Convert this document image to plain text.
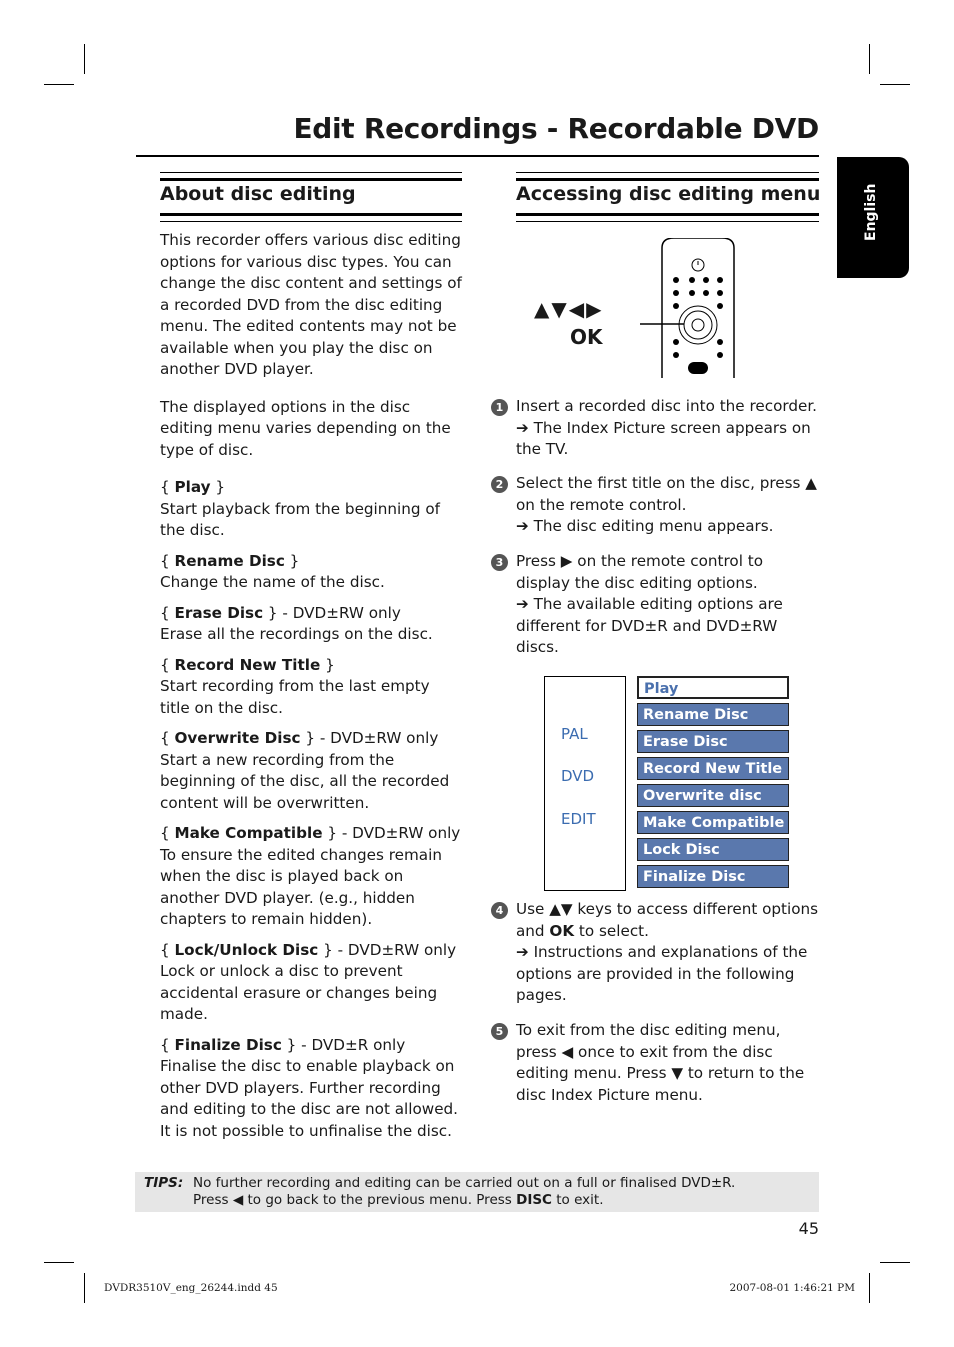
Edit Recordings - Recordable DVD
English
About disc editing

This recorder offers various disc editing options for various disc types. You can change the disc content and settings of a recorded DVD from the disc editing menu. The edited contents may not be available when you play the disc on another DVD player.

The displayed options in the disc editing menu varies depending on the type of disc.

{ Play }

Start playback from the beginning of the disc.

{ Rename Disc }

Change the name of the disc.

{ Erase Disc } - DVD±RW only

Erase all the recordings on the disc.

{ Record New Title }

Start recording from the last empty title on the disc.

{ Overwrite Disc } - DVD±RW only

Start a new recording from the beginning of the disc, all the recorded content will be overwritten.

{ Make Compatible } - DVD±RW only

To ensure the edited changes remain when the disc is played back on another DVD player. (e.g., hidden chapters to remain hidden).

{ Lock/Unlock Disc } - DVD±RW only

Lock or unlock a disc to prevent accidental erasure or changes being made.

{ Finalize Disc } - DVD±R only

Finalise the disc to enable playback on other DVD players. Further recording and editing to the disc are not allowed. It is not possible to unfinalise the disc.

Accessing disc editing menu
▲▼◀▶
OK
1 Insert a recorded disc into the recorder.
➔ The Index Picture screen appears on the TV.
2 Select the first title on the disc, press ▲ on the remote control.
➔ The disc editing menu appears.
3 Press ▶ on the remote control to display the disc editing options.
➔ The available editing options are different for DVD±R and DVD±RW discs.
4 Use ▲▼ keys to access different options and OK to select.
➔ Instructions and explanations of the options are provided in the following pages.
5 To exit from the disc editing menu, press ◀ once to exit from the disc editing menu. Press ▼ to return to the disc Index Picture menu.
PAL
DVD
EDIT
Play
Rename Disc
Erase Disc
Record New Title
Overwrite disc
Make Compatible
Lock Disc
Finalize Disc
TIPS: No further recording and editing can be carried out on a full or finalised DVD±R.
Press ◀ to go back to the previous menu. Press DISC to exit.
45
DVDR3510V_eng_26244.indd 45	2007-08-01 1:46:21 PM
